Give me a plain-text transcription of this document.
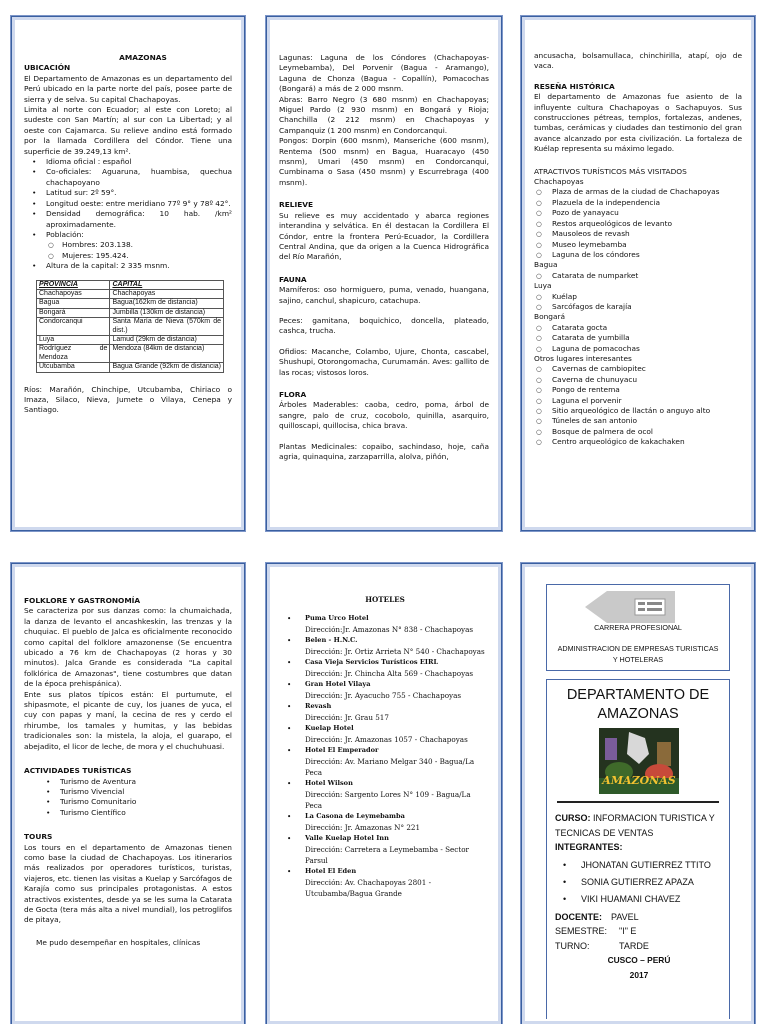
AMAZONAS
UBICACIÓN

El Departamento de Amazonas es un departamento del Perú ubicado en la parte norte del país, posee parte de sierra y de selva. Su capital Chachapoyas.

Limita al norte con Ecuador; al este con Loreto; al sudeste con San Martín; al sur con La Libertad; y al oeste con Cajamarca. Su relieve andino está formado por la llamada Cordillera del Cóndor. Tiene una superficie de 39.249,13 km².

• Idioma oficial : español
• Co-oficiales: Aguaruna, huambisa, quechua chachapoyano
• Latitud sur: 2º 59°.
• Longitud oeste: entre meridiano 77º 9° y 78º 42°.
• Densidad demográfica: 10 hab. /km² aproximadamente.
• Población:
○ Hombres: 203.138.
○ Mujeres: 195.424.
• Altura de la capital: 2 335 msnm.
PROVINCIA	CAPITAL
Chachapoyas	Chachapoyas
Bagua	Bagua(162km de distancia)
Bongará	Jumbilla (130km de distancia)
Condorcanqui	Santa María de Nieva (570km de dist.)
Luya	Lamud (29km de distancia)
Rodríguez de Mendoza	Mendoza (84km de distancia)
Utcubamba	Bagua Grande (92km de distancia)

Ríos: Marañón, Chinchipe, Utcubamba, Chiriaco o Imaza, Silaco, Nieva, Jumete o Vilaya, Cenepa y Santiago.

Lagunas: Laguna de los Cóndores (Chachapoyas-Leymebamba), Del Porvenir (Bagua - Aramango), Laguna de Chonza (Bagua - Copallín), Pomacochas (Bongará) a más de 2 000 msnm.

Abras: Barro Negro (3 680 msnm) en Chachapoyas; Miguel Pardo (2 930 msnm) en Bongará y Rioja; Chanchilla (2 212 msnm) en Chachapoyas y Campanquiz (1 200 msnm) en Condorcanqui.

Pongos: Dorpin (600 msnm), Manseriche (600 msnm), Rentema (500 msnm) en Bagua, Huaracayo (450 msnm), Umari (450 msnm) en Condorcanqui, Cumbinama o Sasa (450 msnm) y Escurrebraga (400 msnm).

RELIEVE

Su relieve es muy accidentado y abarca regiones interandina y selvática. En él destacan la Cordillera El Cóndor, entre la frontera Perú-Ecuador, la Cordillera Central Andina, que da origen a la Cuenca Hidrográfica del Río Marañón,

FAUNA

Mamíferos: oso hormiguero, puma, venado, huangana, sajino, canchul, shapicuro, catachupa.

Peces: gamitana, boquichico, doncella, plateado, cashca, trucha.

Ofidios: Macanche, Colambo, Ujure, Chonta, cascabel, Shushupi, Otorongomacha, Curumamán. Aves: gallito de las rocas; vistosos loros.

FLORA

Árboles Maderables: caoba, cedro, poma, árbol de sangre, palo de cruz, cocobolo, quinilla, asarquiro, quilloscapi, quillocisa, chica brava.

Plantas Medicinales: copaibo, sachindaso, hoje, caña agria, quinaquina, zarzaparrilla, alolva, piñón,

ancusacha, bolsamullaca, chinchirilla, atapí, ojo de vaca.

RESEÑA HISTÓRICA

El departamento de Amazonas fue asiento de la influyente cultura Chachapoyas o Sachapuyos. Sus construcciones pétreas, templos, fortalezas, andenes, tumbas, cerámicas y ciudades dan testimonio del gran avance alcanzado por esta civilización. La fortaleza de Kuélap representa su máximo legado.

ATRACTIVOS TURÍSTICOS MÁS VISITADOS
Chachapoyas
○ Plaza de armas de la ciudad de Chachapoyas
○ Plazuela de la independencia
○ Pozo de yanayacu
○ Restos arqueológicos de levanto
○ Mausoleos de revash
○ Museo leymebamba
○ Laguna de los cóndores
Bagua
○ Catarata de numparket
Luya
○ Kuélap
○ Sarcófagos de karajía
Bongará
○ Catarata gocta
○ Catarata de yumbilla
○ Laguna de pomacochas
Otros lugares interesantes
○ Cavernas de cambiopitec
○ Caverna de chunuyacu
○ Pongo de rentema
○ Laguna el porvenir
○ Sitio arqueológico de llactán o anguyo alto
○ Túneles de san antonio
○ Bosque de palmera de ocol
○ Centro arqueológico de kakachaken
FOLKLORE Y GASTRONOMÍA

Se caracteriza por sus danzas como: la chumaichada, la danza de levanto el ancashkeskin, las trenzas y la chuquiac. El pueblo de Jalca es oficialmente reconocido como capital del folklore amazonense (Se encuentra ubicado a 76 km de Chachapoyas (2 horas y 30 minutos). Jalca Grande es considerada "La capital folklórica de Amazonas", tiene costumbres que datan de la época prehispánica).

Ente sus platos típicos están: El purtumute, el shipasmote, el picante de cuy, los juanes de yuca, el cuy con papas y maní, la cecina de res y cerdo el rhirumbe, los tamales y humitas, y las bebidas tradicionales son: la mistela, la aloja, el guarapo, el abejadito, el licor de leche, de mora y el chuchuhuasi.

ACTIVIDADES TURÍSTICAS
• Turismo de Aventura
• Turismo Vivencial
• Turismo Comunitario
• Turismo Científico
TOURS

Los tours en el departamento de Amazonas tienen como base la ciudad de Chachapoyas. Los itinerarios más realizados por operadores turísticos, turistas, viajeros, etc. tienen las visitas a Kuelap y Sarcófagos de Karajía como sus principales protagonistas. A estos atractivos existentes, desde ya se les suma la Catarata de Gocta (tera más alta a nivel mundial), los petroglifos de pitaya,

Me pudo desempeñar en hospitales, clínicas

HOTELES
• Puma Urco Hotel
Dirección:Jr. Amazonas N° 838 - Chachapoyas
• Belen - H.N.C.
Dirección: Jr. Ortiz Arrieta N° 540 - Chachapoyas
• Casa Vieja Servicios Turísticos EIRL
Dirección: Jr. Chincha Alta 569 - Chachapoyas
• Gran Hotel Vilaya
Dirección: Jr. Ayacucho 755 - Chachapoyas
• Revash
Dirección: Jr. Grau 517
• Kuelap Hotel
Dirección: Jr. Amazonas 1057 - Chachapoyas
• Hotel El Emperador
Dirección: Av. Mariano Melgar 340 - Bagua/La Peca
• Hotel Wilson
Dirección: Sargento Lores N° 109 - Bagua/La Peca
• La Casona de Leymebamba
Dirección: Jr. Amazonas N° 221
• Valle Kuelap Hotel Inn
Dirección: Carretera a Leymebamba - Sector Parsul
• Hotel El Eden
Dirección: Av. Chachapoyas 2801 - Utcubamba/Bagua Grande
CARRERA PROFESIONAL
ADMINISTRACION DE EMPRESAS TURISTICAS Y HOTELERAS
DEPARTAMENTO DE AMAZONAS
AMAZONAS
CURSO: INFORMACION TURISTICA Y TECNICAS DE VENTAS
INTEGRANTES:
• JHONATAN GUTIERREZ TTITO
• SONIA GUTIERREZ APAZA
• VIKI HUAMANI CHAVEZ
DOCENTE: PAVEL
SEMESTRE: "I" E
TURNO:	TARDE
CUSCO – PERÚ
2017
